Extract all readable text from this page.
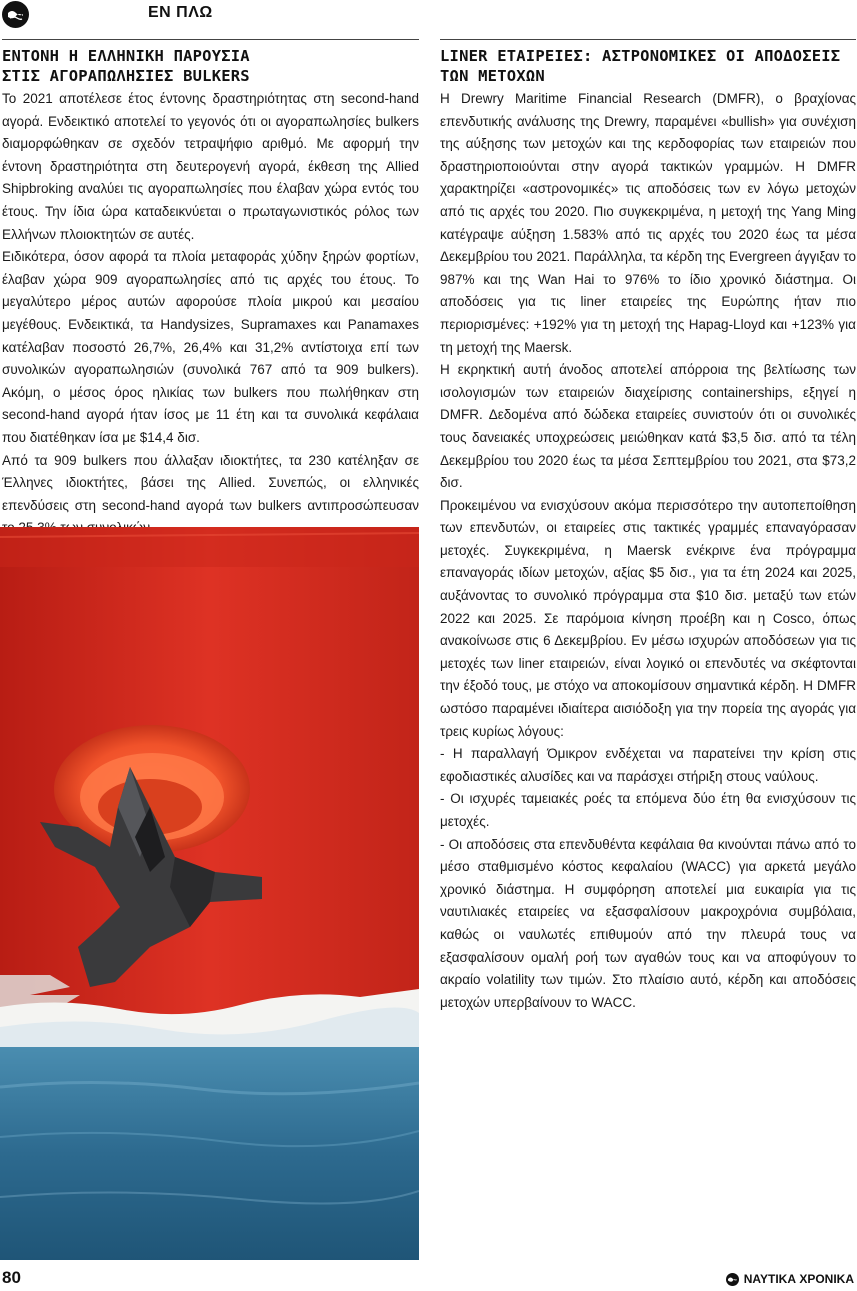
ΕΝ ΠΛΩ
ΕΝΤΟΝΗ Η ΕΛΛΗΝΙΚΗ ΠΑΡΟΥΣΙΑ
ΣΤΙΣ ΑΓΟΡΑΠΩΛΗΣΙΕΣ BULKERS

Το 2021 αποτέλεσε έτος έντονης δραστηριότητας στη second-hand αγορά. Ενδεικτικό αποτελεί το γεγονός ότι οι αγοραπωλησίες bulkers διαμορφώθηκαν σε σχεδόν τετραψήφιο αριθμό. Με αφορμή την έντονη δραστηριότητα στη δευτερογενή αγορά, έκθεση της Allied Shipbroking αναλύει τις αγοραπωλησίες που έλαβαν χώρα εντός του έτους. Την ίδια ώρα καταδεικνύεται ο πρωταγωνιστικός ρόλος των Ελλήνων πλοιοκτητών σε αυτές.

Ειδικότερα, όσον αφορά τα πλοία μεταφοράς χύδην ξηρών φορτίων, έλαβαν χώρα 909 αγοραπωλησίες από τις αρχές του έτους. Το μεγαλύτερο μέρος αυτών αφορούσε πλοία μικρού και μεσαίου μεγέθους. Ενδεικτικά, τα Handysizes, Supramaxes και Panamaxes κατέλαβαν ποσοστό 26,7%, 26,4% και 31,2% αντίστοιχα επί των συνολικών αγοραπωλησιών (συνολικά 767 από τα 909 bulkers). Ακόμη, ο μέσος όρος ηλικίας των bulkers που πωλήθηκαν στη second-hand αγορά ήταν ίσος με 11 έτη και τα συνολικά κεφάλαια που διατέθηκαν ίσα με $14,4 δισ.

Από τα 909 bulkers που άλλαξαν ιδιοκτήτες, τα 230 κατέληξαν σε Έλληνες ιδιοκτήτες, βάσει της Allied. Συνεπώς, οι ελληνικές επενδύσεις στη second-hand αγορά των bulkers αντιπροσώπευσαν

LINER ΕΤΑΙΡΕΙΕΣ: ΑΣΤΡΟΝΟΜΙΚΕΣ ΟΙ ΑΠΟΔΟΣΕΙΣ
ΤΩΝ ΜΕΤΟΧΩΝ

Η Drewry Maritime Financial Research (DMFR), ο βραχίονας επενδυτικής ανάλυσης της Drewry, παραμένει «bullish» για συνέχιση της αύξησης των μετοχών και της κερδοφορίας των εταιρειών που δραστηριοποιούνται στην αγορά τακτικών γραμμών. Η DMFR χαρακτηρίζει «αστρονομικές» τις αποδόσεις των εν λόγω μετοχών από τις αρχές του 2020. Πιο συγκεκριμένα, η μετοχή της Yang Ming κατέγραψε αύξηση 1.583% από τις αρχές του 2020 έως τα μέσα Δεκεμβρίου του 2021. Παράλληλα, τα κέρδη της Evergreen άγγιξαν το 987% και της Wan Hai το 976% το ίδιο χρονικό διάστημα. Οι αποδόσεις για τις liner εταιρείες της Ευρώπης ήταν πιο περιορισμένες: +192% για τη μετοχή της Hapag-Lloyd και +123% για τη μετοχή της Maersk.

Η εκρηκτική αυτή άνοδος αποτελεί απόρροια της βελτίωσης των ισολογισμών των εταιρειών διαχείρισης containerships, εξηγεί η DMFR. Δεδομένα από δώδεκα εταιρείες συνιστούν ότι οι συνολικές τους δανειακές υποχρεώσεις μειώθηκαν κατά $3,5 δισ. από τα τέλη Δεκεμβρίου του 2020 έως τα μέσα Σεπτεμβρίου του 2021, στα $73,2 δισ.

Προκειμένου να ενισχύσουν ακόμα περισσότερο την αυτοπεποίθηση των επενδυτών, οι εταιρείες στις τακτικές γραμμές επαναγόρασαν μετοχές. Συγκεκριμένα, η Maersk ενέκρινε ένα πρόγραμμα επαναγοράς ιδίων μετοχών, αξίας $5 δισ., για τα έτη 2024 και 2025, αυξάνοντας το συνολικό πρόγραμμα στα $10 δισ. μεταξύ των ετών 2022 και 2025. Σε παρόμοια κίνηση προέβη και η Cosco, όπως ανακοίνωσε στις 6 Δεκεμβρίου. Εν μέσω ισχυρών αποδόσεων για τις μετοχές των liner εταιρειών, είναι λογικό οι επενδυτές να σκέφτονται την έξοδό τους, με στόχο να αποκομίσουν σημαντικά κέρδη. Η DMFR ωστόσο παραμένει ιδιαίτερα αισιόδοξη για την πορεία της αγοράς για τρεις κυρίως λόγους:

- Η παραλλαγή Όμικρον ενδέχεται να παρατείνει την κρίση στις εφοδιαστικές αλυσίδες και να παράσχει στήριξη στους ναύλους.

- Οι ισχυρές ταμειακές ροές τα επόμενα δύο έτη θα ενισχύσουν τις μετοχές.

- Οι αποδόσεις στα επενδυθέντα κεφάλαια θα κινούνται πάνω από το μέσο σταθμισμένο κόστος κεφαλαίου (WACC) για αρκετά μεγάλο χρονικό διάστημα. Η συμφόρηση αποτελεί μια ευκαιρία για τις ναυτιλιακές εταιρείες να εξασφαλίσουν μακροχρόνια συμβόλαια, καθώς οι ναυλωτές επιθυμούν από την πλευρά τους να εξασφαλίσουν ομαλή ροή των αγαθών τους και να αποφύγουν το ακραίο volatility των τιμών. Στο πλαίσιο αυτό, κέρδη και αποδόσεις μετοχών υπερβαίνουν το WACC.

80	ΝΑΥΤΙΚΑ ΧΡΟΝΙΚΑ
